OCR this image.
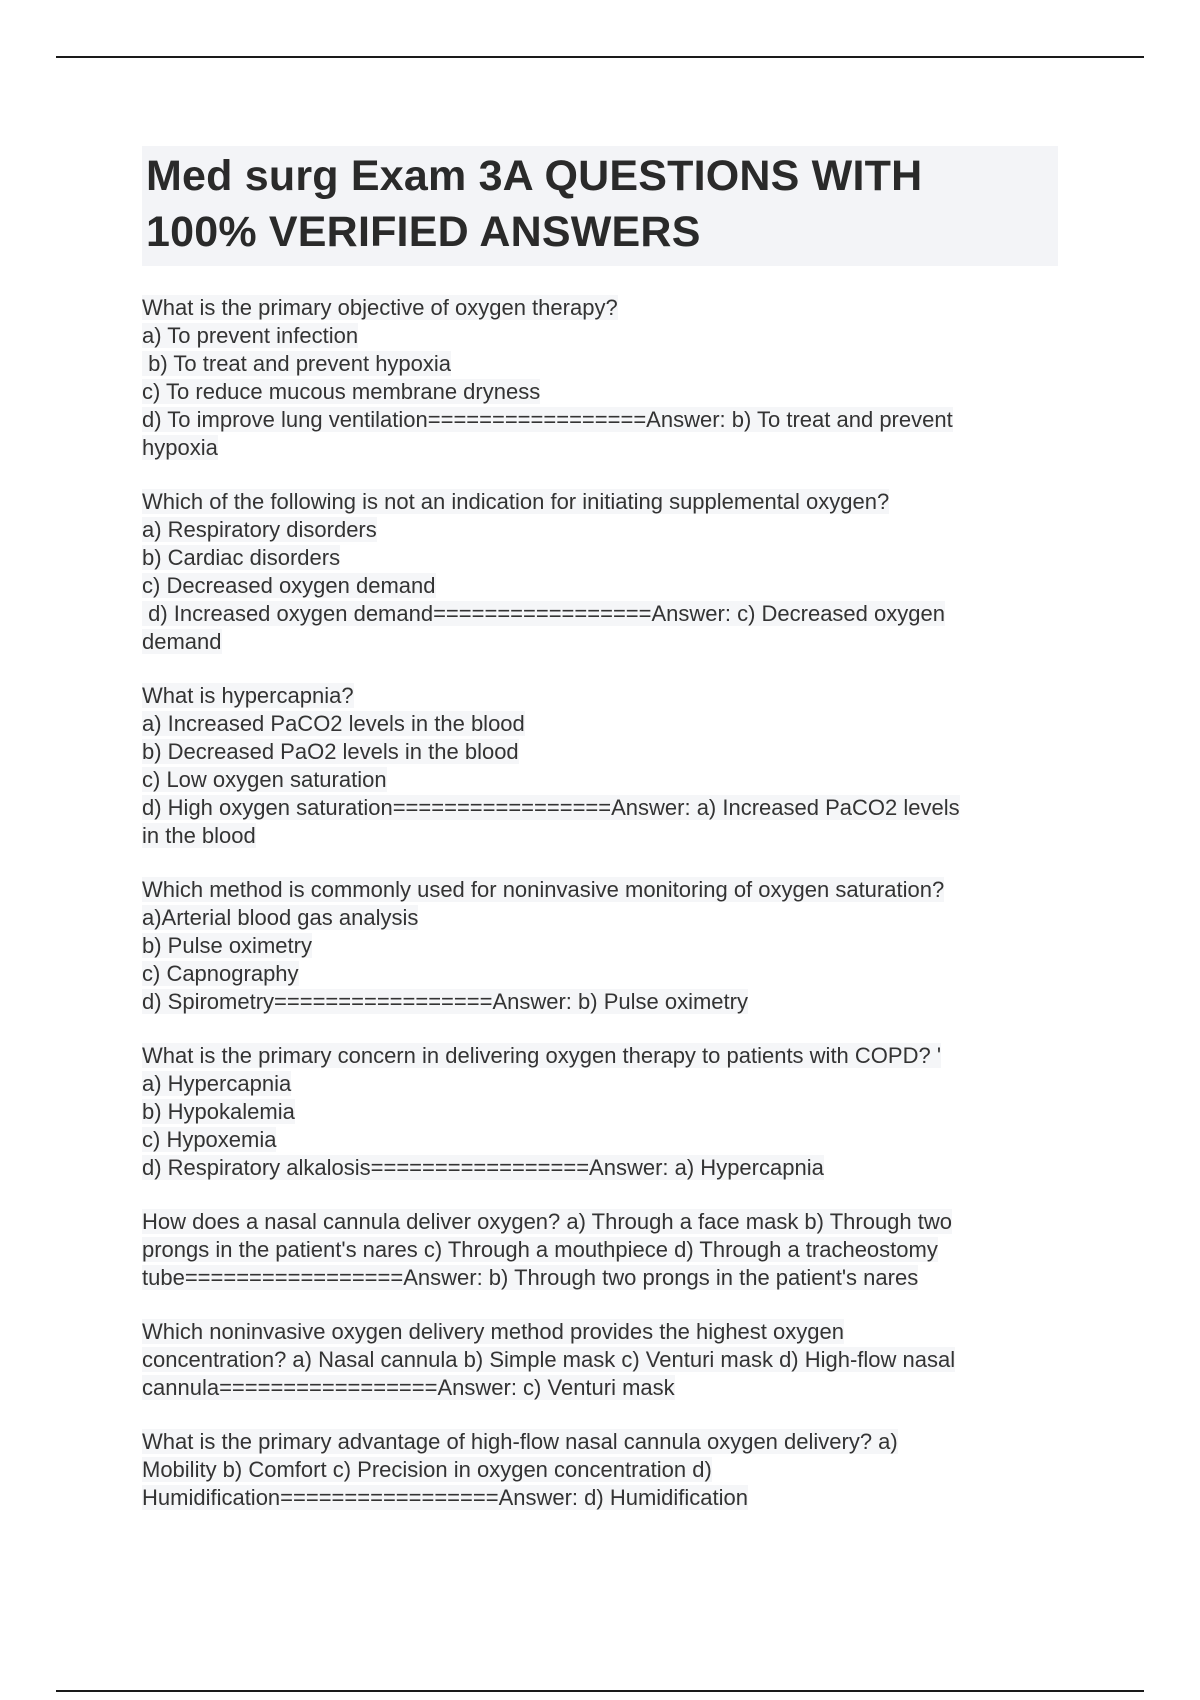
Med surg Exam 3A QUESTIONS WITH
100% VERIFIED ANSWERS
What is the primary objective of oxygen therapy?
a) To prevent infection
b) To treat and prevent hypoxia
c) To reduce mucous membrane dryness
d) To improve lung ventilation=================Answer: b) To treat and prevent
hypoxia
Which of the following is not an indication for initiating supplemental oxygen?
a) Respiratory disorders
b) Cardiac disorders
c) Decreased oxygen demand
d) Increased oxygen demand=================Answer: c) Decreased oxygen
demand
What is hypercapnia?
a) Increased PaCO2 levels in the blood
b) Decreased PaO2 levels in the blood
c) Low oxygen saturation
d) High oxygen saturation=================Answer: a) Increased PaCO2 levels
in the blood
Which method is commonly used for noninvasive monitoring of oxygen saturation?
a)Arterial blood gas analysis
b) Pulse oximetry
c) Capnography
d) Spirometry=================Answer: b) Pulse oximetry
What is the primary concern in delivering oxygen therapy to patients with COPD? '
a) Hypercapnia
b) Hypokalemia
c) Hypoxemia
d) Respiratory alkalosis=================Answer: a) Hypercapnia
How does a nasal cannula deliver oxygen? a) Through a face mask b) Through two
prongs in the patient's nares c) Through a mouthpiece d) Through a tracheostomy
tube=================Answer: b) Through two prongs in the patient's nares
Which noninvasive oxygen delivery method provides the highest oxygen
concentration? a) Nasal cannula b) Simple mask c) Venturi mask d) High-flow nasal
cannula=================Answer: c) Venturi mask
What is the primary advantage of high-flow nasal cannula oxygen delivery? a)
Mobility b) Comfort c) Precision in oxygen concentration d)
Humidification=================Answer: d) Humidification
